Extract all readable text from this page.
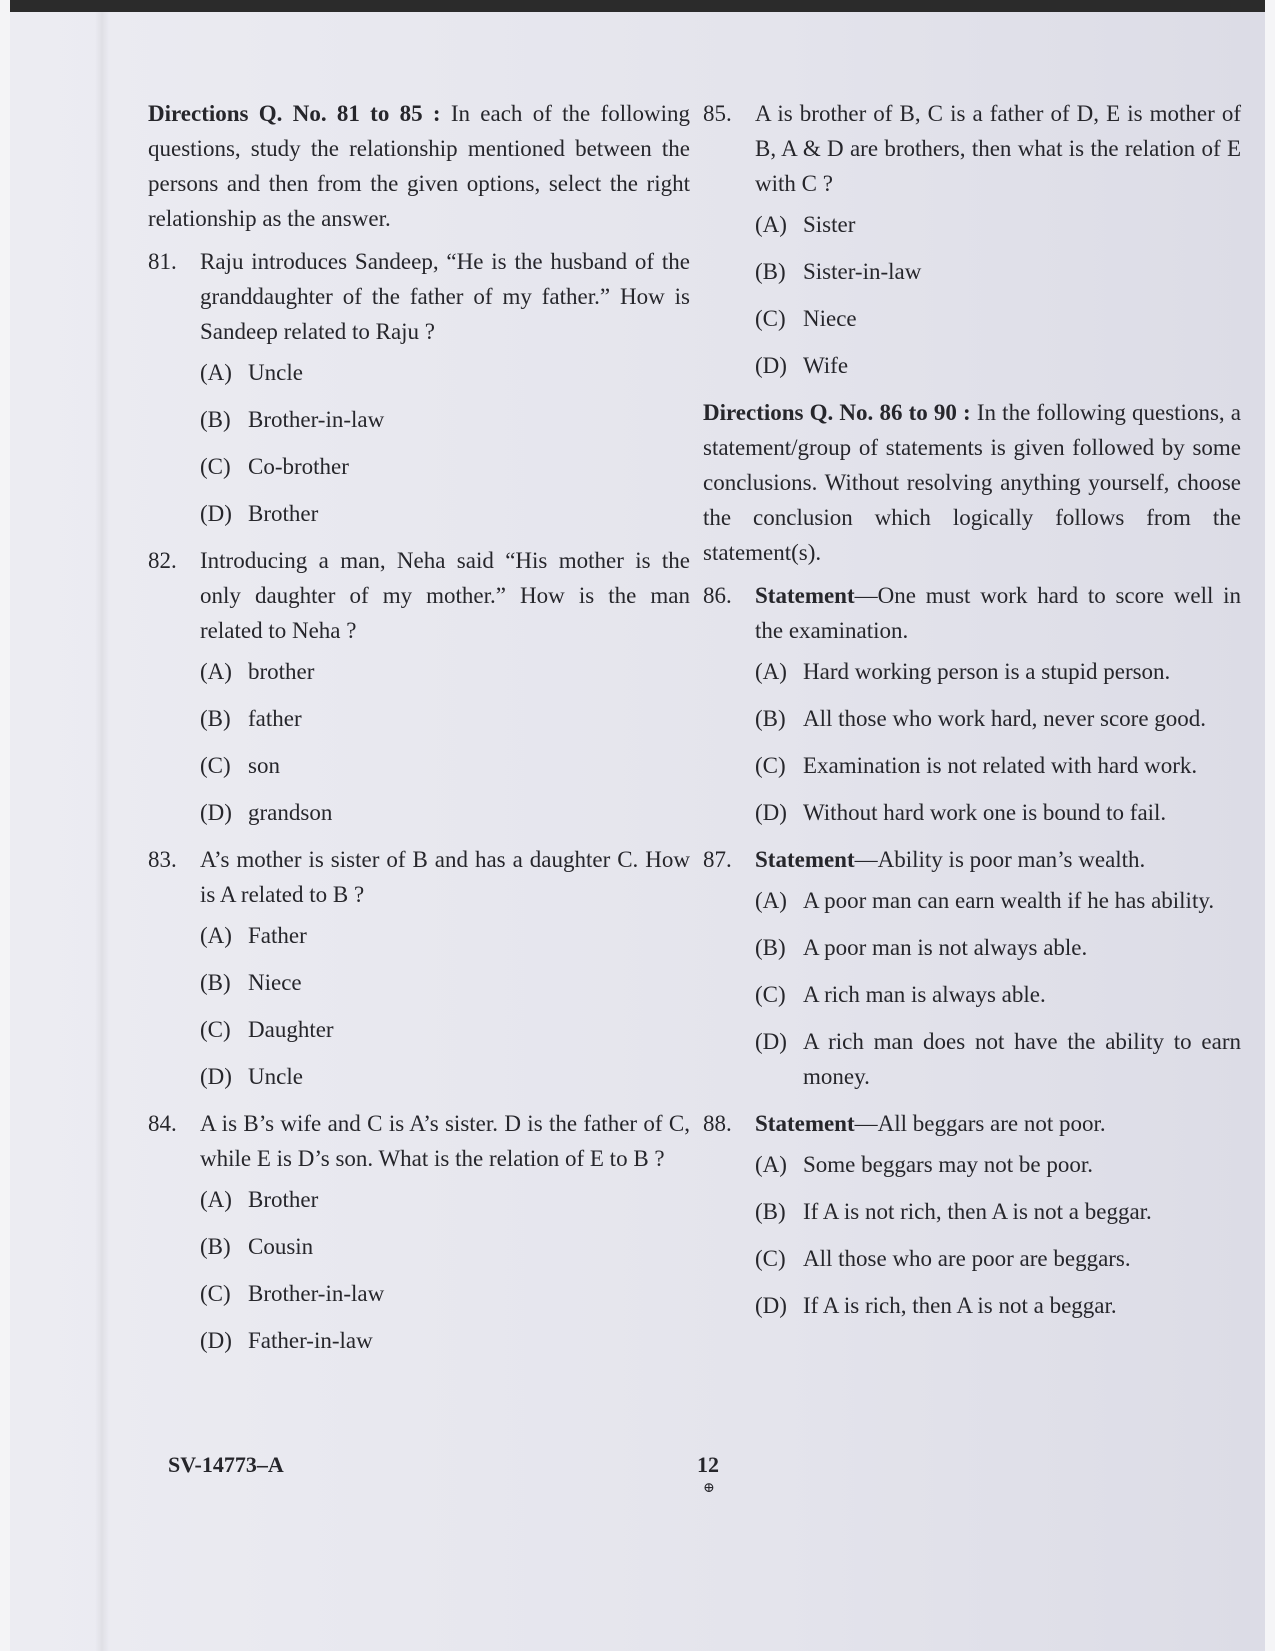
Directions Q. No. 81 to 85 : In each of the following questions, study the relationship mentioned between the persons and then from the given options, select the right relationship as the answer.

81. Raju introduces Sandeep, “He is the husband of the granddaughter of the father of my father.” How is Sandeep related to Raju ?
(A) Uncle
(B) Brother-in-law
(C) Co-brother
(D) Brother
82. Introducing a man, Neha said “His mother is the only daughter of my mother.” How is the man related to Neha ?
(A) brother
(B) father
(C) son
(D) grandson
83. A’s mother is sister of B and has a daughter C. How is A related to B ?
(A) Father
(B) Niece
(C) Daughter
(D) Uncle
84. A is B’s wife and C is A’s sister. D is the father of C, while E is D’s son. What is the relation of E to B ?
(A) Brother
(B) Cousin
(C) Brother-in-law
(D) Father-in-law
85. A is brother of B, C is a father of D, E is mother of B, A & D are brothers, then what is the relation of E with C ?
(A) Sister
(B) Sister-in-law
(C) Niece
(D) Wife

Directions Q. No. 86 to 90 : In the following questions, a statement/group of statements is given followed by some conclusions. Without resolving anything yourself, choose the conclusion which logically follows from the statement(s).

86. Statement—One must work hard to score well in the examination.
(A) Hard working person is a stupid person.
(B) All those who work hard, never score good.
(C) Examination is not related with hard work.
(D) Without hard work one is bound to fail.
87. Statement—Ability is poor man’s wealth.
(A) A poor man can earn wealth if he has ability.
(B) A poor man is not always able.
(C) A rich man is always able.
(D) A rich man does not have the ability to earn money.
88. Statement—All beggars are not poor.
(A) Some beggars may not be poor.
(B) If A is not rich, then A is not a beggar.
(C) All those who are poor are beggars.
(D) If A is rich, then A is not a beggar.
SV-14773–A	12
⊕
